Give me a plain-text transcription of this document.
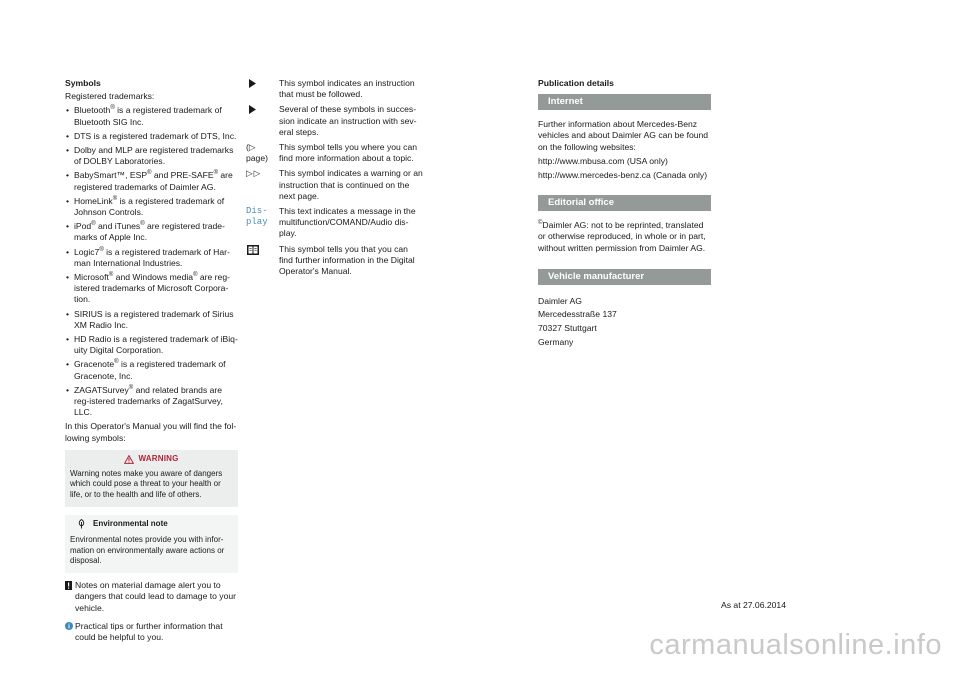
Symbols

Registered trademarks:

• Bluetooth® is a registered trademark of Bluetooth SIG Inc.
• DTS is a registered trademark of DTS, Inc.
• Dolby and MLP are registered trademarks of DOLBY Laboratories.
• BabySmart™, ESP® and PRE-SAFE® are registered trademarks of Daimler AG.
• HomeLink® is a registered trademark of Johnson Controls.
• iPod® and iTunes® are registered trade-marks of Apple Inc.
• Logic7® is a registered trademark of Har-man International Industries.
• Microsoft® and Windows media® are reg-istered trademarks of Microsoft Corpora-tion.
• SIRIUS is a registered trademark of Sirius XM Radio Inc.
• HD Radio is a registered trademark of iBiq-uity Digital Corporation.
• Gracenote® is a registered trademark of Gracenote, Inc.
• ZAGATSurvey® and related brands are reg-istered trademarks of ZagatSurvey, LLC.

In this Operator's Manual you will find the fol-lowing symbols:

WARNING
Warning notes make you aware of dangers which could pose a threat to your health or life, or to the health and life of others.
Environmental note
Environmental notes provide you with infor-mation on environmentally aware actions or disposal.
Notes on material damage alert you to dangers that could lead to damage to your vehicle.
Practical tips or further information that could be helpful to you.
This symbol indicates an instruction that must be followed.
Several of these symbols in succes-sion indicate an instruction with sev-eral steps.
(▷ page)
This symbol tells you where you can find more information about a topic.
▷▷	This symbol indicates a warning or an instruction that is continued on the next page.
Dis-play
This text indicates a message in the multifunction/COMAND/Audio dis-play.
This symbol tells you that you can find further information in the Digital Operator's Manual.
Publication details
Internet

Further information about Mercedes-Benz vehicles and about Daimler AG can be found on the following websites:

http://www.mbusa.com (USA only)

http://www.mercedes-benz.ca (Canada only)

Editorial office

©Daimler AG: not to be reprinted, translated or otherwise reproduced, in whole or in part, without written permission from Daimler AG.

Vehicle manufacturer
Daimler AG
Mercedesstraße 137
70327 Stuttgart
Germany
As at 27.06.2014
carmanualsonline.info
